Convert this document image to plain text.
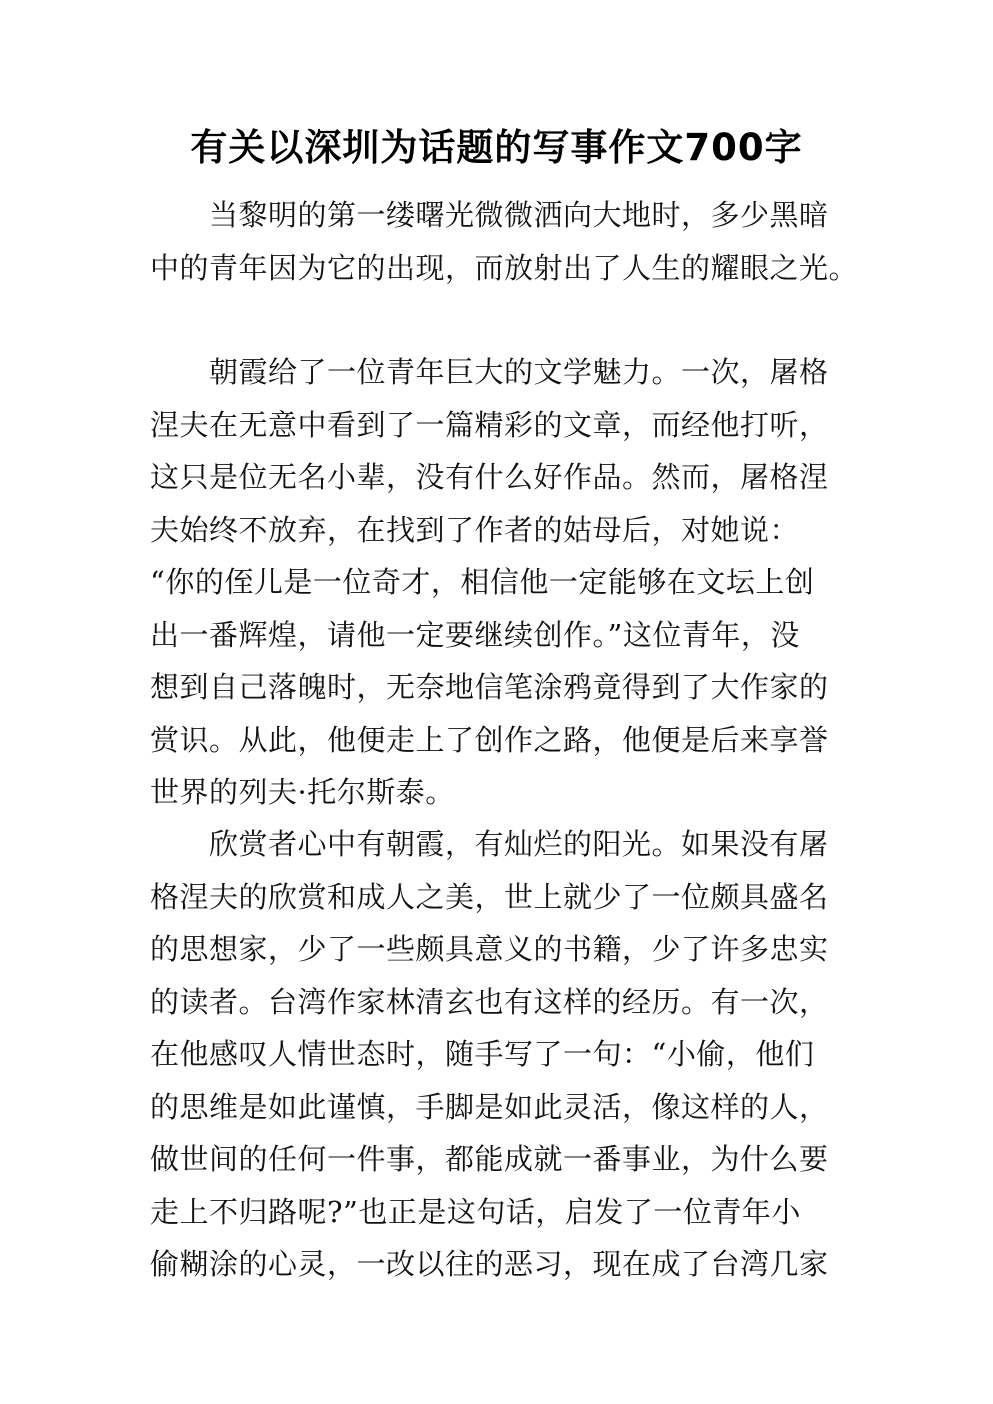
有关以深圳为话题的写事作文700字
当黎明的第一缕曙光微微洒向大地时，多少黑暗
中的青年因为它的出现，而放射出了人生的耀眼之光。
朝霞给了一位青年巨大的文学魅力。一次，屠格
涅夫在无意中看到了一篇精彩的文章，而经他打听，
这只是位无名小辈，没有什么好作品。然而，屠格涅
夫始终不放弃，在找到了作者的姑母后，对她说：
“你的侄儿是一位奇才，相信他一定能够在文坛上创
出一番辉煌，请他一定要继续创作。”这位青年，没
想到自己落魄时，无奈地信笔涂鸦竟得到了大作家的
赏识。从此，他便走上了创作之路，他便是后来享誉
世界的列夫·托尔斯泰。
欣赏者心中有朝霞，有灿烂的阳光。如果没有屠
格涅夫的欣赏和成人之美，世上就少了一位颇具盛名
的思想家，少了一些颇具意义的书籍，少了许多忠实
的读者。台湾作家林清玄也有这样的经历。有一次，
在他感叹人情世态时，随手写了一句：“小偷，他们
的思维是如此谨慎，手脚是如此灵活，像这样的人，
做世间的任何一件事，都能成就一番事业，为什么要
走上不归路呢?”也正是这句话，启发了一位青年小
偷糊涂的心灵，一改以往的恶习，现在成了台湾几家
